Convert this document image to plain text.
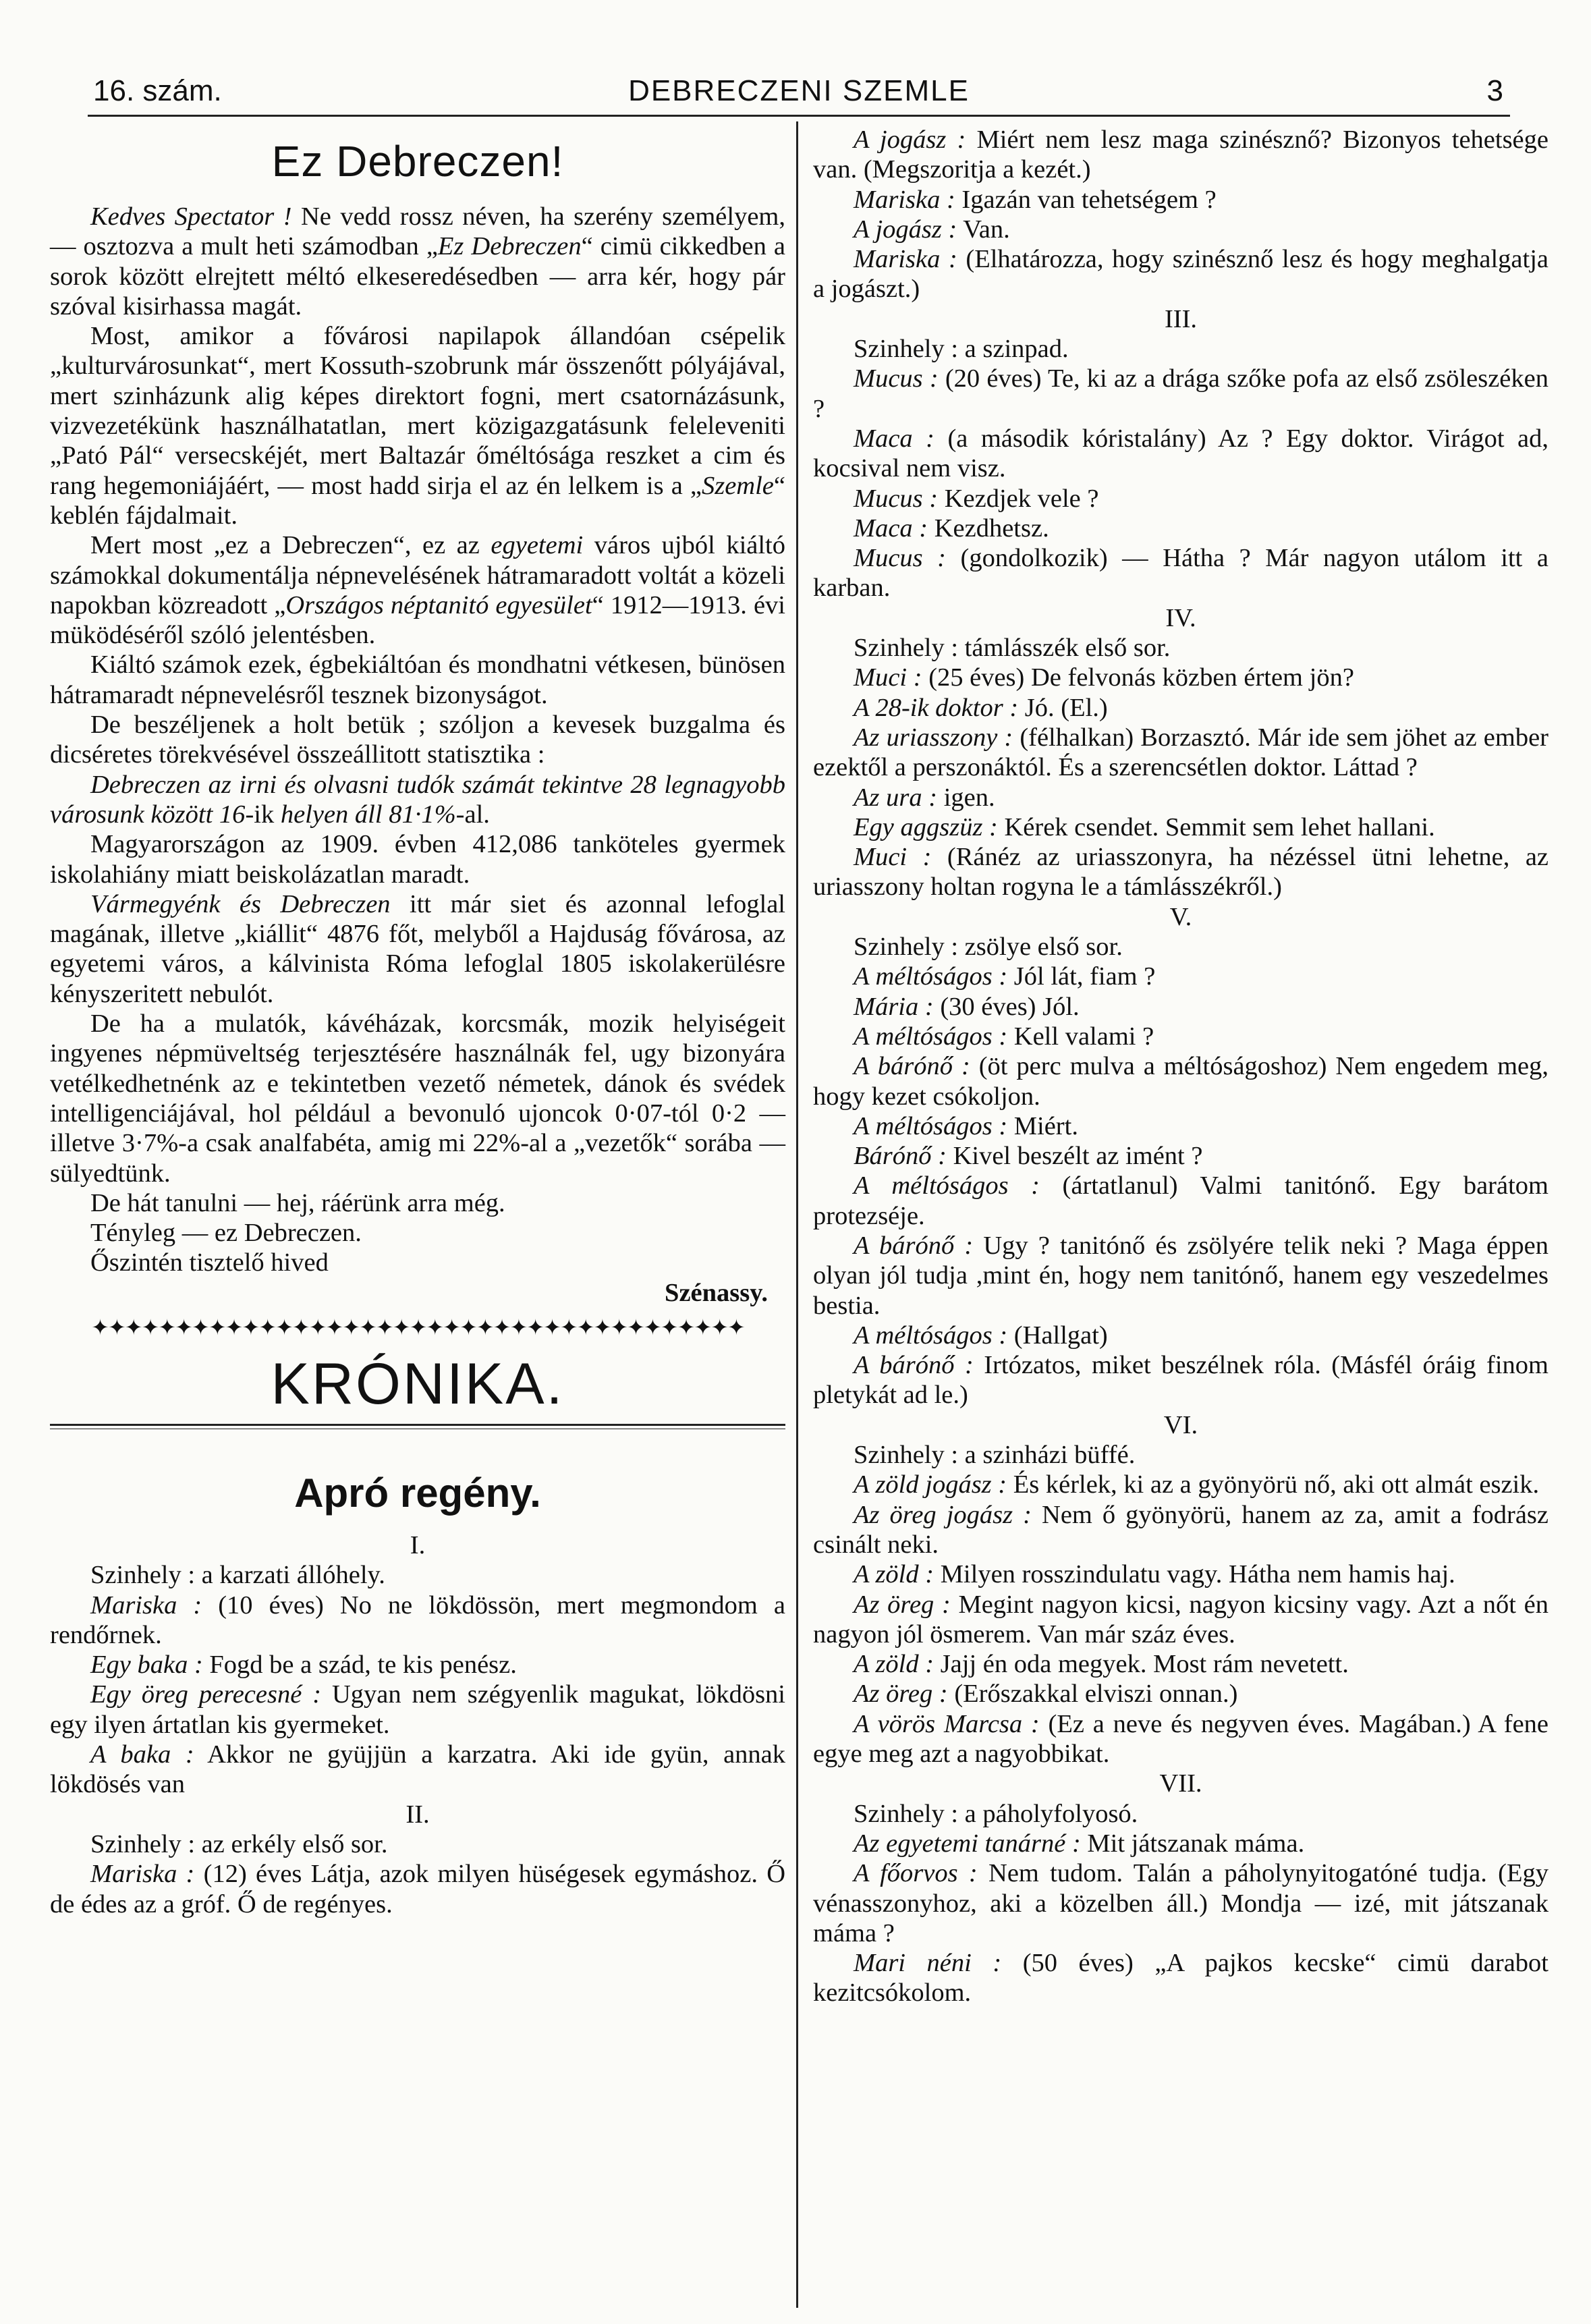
DEBRECZENI SZEMLE
16. szám.	3

Ez Debreczen!

Kedves Spectator ! Ne vedd rossz néven, ha szerény személyem, — osztozva a mult heti számodban „Ez Debreczen“ cimü cikkedben a sorok között elrejtett méltó elkeseredésedben — arra kér, hogy pár szóval kisirhassa magát.

Most, amikor a fővárosi napilapok állandóan csépelik „kulturvárosunkat“, mert Kossuth-szobrunk már összenőtt pólyájával, mert szinházunk alig képes direktort fogni, mert csatornázásunk, vizvezetékünk használhatatlan, mert közigazgatásunk feleleveniti „Pató Pál“ versecskéjét, mert Baltazár őméltósága reszket a cim és rang hegemoniájáért, — most hadd sirja el az én lelkem is a „Szemle“ keblén fájdalmait.

Mert most „ez a Debreczen“, ez az egyetemi város ujból kiáltó számokkal dokumentálja népnevelésének hátramaradott voltát a közeli napokban közreadott „Országos néptanitó egyesület“ 1912—1913. évi müködéséről szóló jelentésben.

Kiáltó számok ezek, égbekiáltóan és mondhatni vétkesen, bünösen hátramaradt népnevelésről tesznek bizonyságot.

De beszéljenek a holt betük ; szóljon a kevesek buzgalma és dicséretes törekvésével összeállitott statisztika :

Debreczen az irni és olvasni tudók számát tekintve 28 legnagyobb városunk között 16-ik helyen áll 81·1%-al.

Magyarországon az 1909. évben 412,086 tanköteles gyermek iskolahiány miatt beiskolázatlan maradt.

Vármegyénk és Debreczen itt már siet és azonnal lefoglal magának, illetve „kiállit“ 4876 főt, melyből a Hajduság fővárosa, az egyetemi város, a kálvinista Róma lefoglal 1805 iskolakerülésre kényszeritett nebulót.

De ha a mulatók, kávéházak, korcsmák, mozik helyiségeit ingyenes népmüveltség terjesztésére használnák fel, ugy bizonyára vetélkedhetnénk az e tekintetben vezető németek, dánok és svédek intelligenciájával, hol például a bevonuló ujoncok 0·07-tól 0·2 — illetve 3·7%-a csak analfabéta, amig mi 22%-al a „vezetők“ sorába — sülyedtünk.

De hát tanulni — hej, ráérünk arra még.

Tényleg — ez Debreczen.

Őszintén tisztelő hived

Szénassy.

✦✦✦✦✦✦✦✦✦✦✦✦✦✦✦✦✦✦✦✦✦✦✦✦✦✦✦✦✦✦✦✦✦✦✦✦✦✦✦

KRÓNIKA.

Apró regény.

I.

Szinhely : a karzati állóhely.

Mariska : (10 éves) No ne lökdössön, mert megmondom a rendőrnek.

Egy baka : Fogd be a szád, te kis penész.

Egy öreg perecesné : Ugyan nem szégyenlik magukat, lökdösni egy ilyen ártatlan kis gyermeket.

A baka : Akkor ne gyüjjün a karzatra. Aki ide gyün, annak lökdösés van

II.

Szinhely : az erkély első sor.

Mariska : (12) éves Látja, azok milyen hüségesek egymáshoz. Ő de édes az a gróf. Ő de regényes.

A jogász : Miért nem lesz maga szinésznő? Bizonyos tehetsége van. (Megszoritja a kezét.)

Mariska : Igazán van tehetségem ?

A jogász : Van.

Mariska : (Elhatározza, hogy szinésznő lesz és hogy meghalgatja a jogászt.)

III.

Szinhely : a szinpad.

Mucus : (20 éves) Te, ki az a drága szőke pofa az első zsöleszéken ?

Maca : (a második kóristalány) Az ? Egy doktor. Virágot ad, kocsival nem visz.

Mucus : Kezdjek vele ?

Maca : Kezdhetsz.

Mucus : (gondolkozik) — Hátha ? Már nagyon utálom itt a karban.

IV.

Szinhely : támlásszék első sor.

Muci : (25 éves) De felvonás közben értem jön?

A 28-ik doktor : Jó. (El.)

Az uriasszony : (félhalkan) Borzasztó. Már ide sem jöhet az ember ezektől a perszonáktól. És a szerencsétlen doktor. Láttad ?

Az ura : igen.

Egy aggszüz : Kérek csendet. Semmit sem lehet hallani.

Muci : (Ránéz az uriasszonyra, ha nézéssel ütni lehetne, az uriasszony holtan rogyna le a támlásszékről.)

V.

Szinhely : zsölye első sor.

A méltóságos : Jól lát, fiam ?

Mária : (30 éves) Jól.

A méltóságos : Kell valami ?

A bárónő : (öt perc mulva a méltóságoshoz) Nem engedem meg, hogy kezet csókoljon.

A méltóságos : Miért.

Bárónő : Kivel beszélt az imént ?

A méltóságos : (ártatlanul) Valmi tanitónő. Egy barátom protezséje.

A bárónő : Ugy ? tanitónő és zsölyére telik neki ? Maga éppen olyan jól tudja ,mint én, hogy nem tanitónő, hanem egy veszedelmes bestia.

A méltóságos : (Hallgat)

A bárónő : Irtózatos, miket beszélnek róla. (Másfél óráig finom pletykát ad le.)

VI.

Szinhely : a szinházi büffé.

A zöld jogász : És kérlek, ki az a gyönyörü nő, aki ott almát eszik.

Az öreg jogász : Nem ő gyönyörü, hanem az za, amit a fodrász csinált neki.

A zöld : Milyen rosszindulatu vagy. Hátha nem hamis haj.

Az öreg : Megint nagyon kicsi, nagyon kicsiny vagy. Azt a nőt én nagyon jól ösmerem. Van már száz éves.

A zöld : Jajj én oda megyek. Most rám nevetett.

Az öreg : (Erőszakkal elviszi onnan.)

A vörös Marcsa : (Ez a neve és negyven éves. Magában.) A fene egye meg azt a nagyobbikat.

VII.

Szinhely : a páholyfolyosó.

Az egyetemi tanárné : Mit játszanak máma.

A főorvos : Nem tudom. Talán a páholynyitogatóné tudja. (Egy vénasszonyhoz, aki a közelben áll.) Mondja — izé, mit játszanak máma ?

Mari néni : (50 éves) „A pajkos kecske“ cimü darabot kezitcsókolom.
